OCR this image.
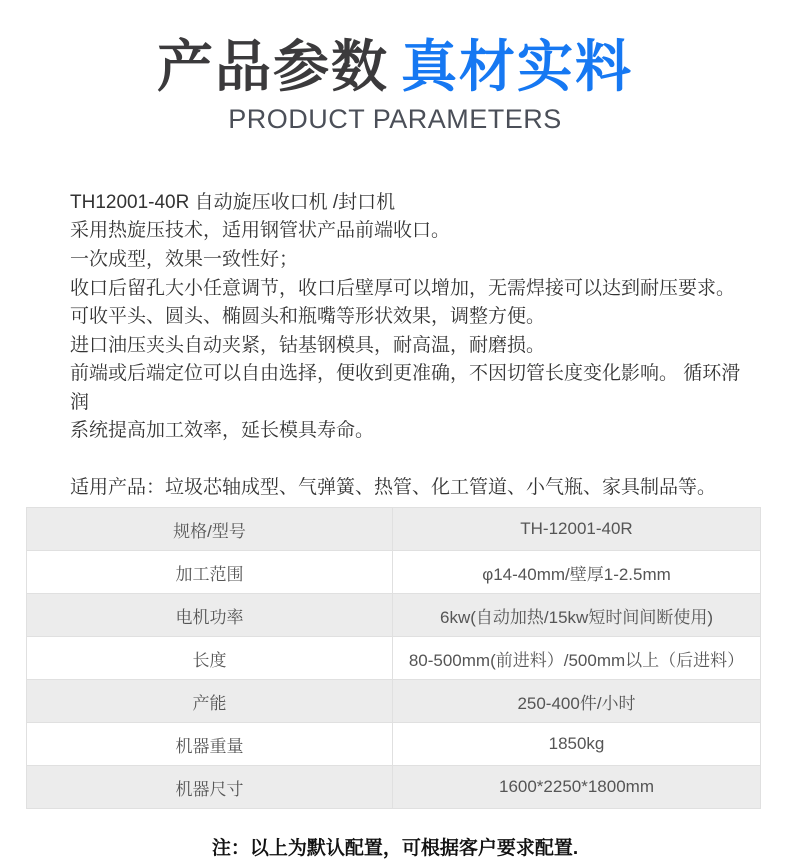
产品参数 真材实料
PRODUCT PARAMETERS
TH12001-40R 自动旋压收口机 /封口机
采用热旋压技术，适用钢管状产品前端收口。
一次成型，效果一致性好；
收口后留孔大小任意调节，收口后壁厚可以增加，无需焊接可以达到耐压要求。
可收平头、圆头、椭圆头和瓶嘴等形状效果，调整方便。
进口油压夹头自动夹紧，钴基钢模具，耐高温，耐磨损。
前端或后端定位可以自由选择，便收到更准确，不因切管长度变化影响。 循环滑润
系统提高加工效率，延长模具寿命。
适用产品：垃圾芯轴成型、气弹簧、热管、化工管道、小气瓶、家具制品等。
规格/型号	TH-12001-40R
加工范围	φ14-40mm/壁厚1-2.5mm
电机功率	6kw(自动加热/15kw短时间间断使用)
长度	80-500mm(前进料）/500mm以上（后进料）
产能	250-400件/小时
机器重量	1850kg
机器尺寸	1600*2250*1800mm
注：以上为默认配置，可根据客户要求配置.
